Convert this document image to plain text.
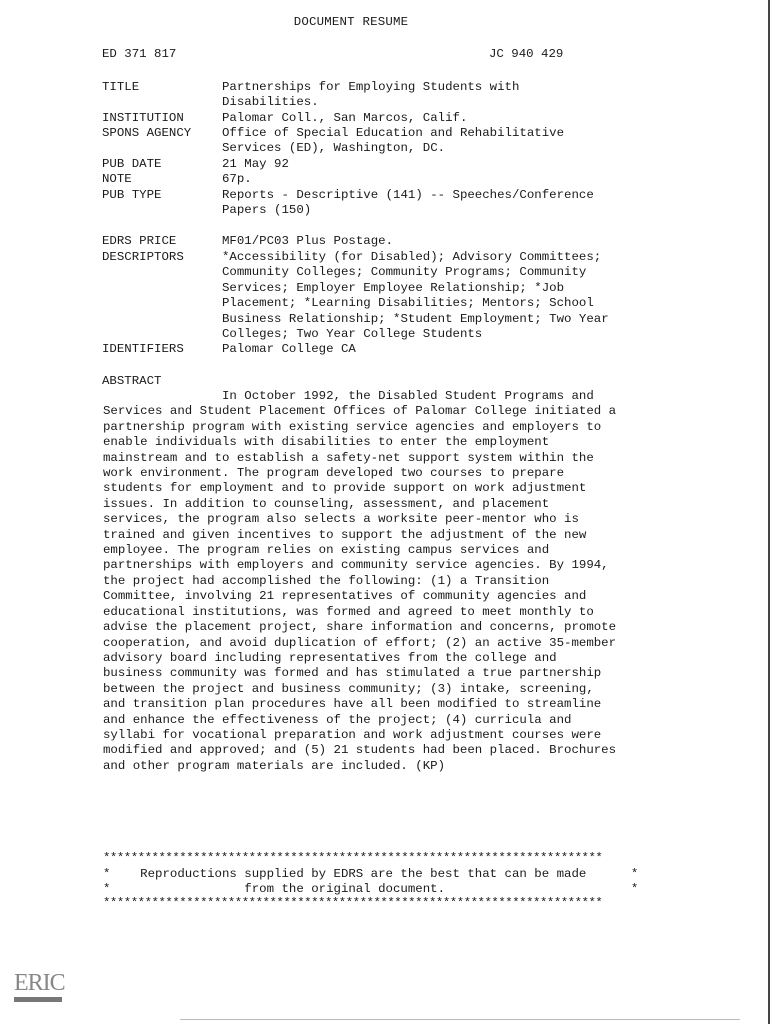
DOCUMENT RESUME
ED 371 817	JC 940 429
TITLE	Partnerships for Employing Students with
Disabilities.
INSTITUTION	Palomar Coll., San Marcos, Calif.
SPONS AGENCY	Office of Special Education and Rehabilitative
Services (ED), Washington, DC.
PUB DATE	21 May 92
NOTE	67p.
PUB TYPE	Reports - Descriptive (141) -- Speeches/Conference
Papers (150)
EDRS PRICE	MF01/PC03 Plus Postage.
DESCRIPTORS	*Accessibility (for Disabled); Advisory Committees;
Community Colleges; Community Programs; Community
Services; Employer Employee Relationship; *Job
Placement; *Learning Disabilities; Mentors; School
Business Relationship; *Student Employment; Two Year
Colleges; Two Year College Students
IDENTIFIERS	Palomar College CA
ABSTRACT
In October 1992, the Disabled Student Programs and
Services and Student Placement Offices of Palomar College initiated a
partnership program with existing service agencies and employers to
enable individuals with disabilities to enter the employment
mainstream and to establish a safety-net support system within the
work environment. The program developed two courses to prepare
students for employment and to provide support on work adjustment
issues. In addition to counseling, assessment, and placement
services, the program also selects a worksite peer-mentor who is
trained and given incentives to support the adjustment of the new
employee. The program relies on existing campus services and
partnerships with employers and community service agencies. By 1994,
the project had accomplished the following: (1) a Transition
Committee, involving 21 representatives of community agencies and
educational institutions, was formed and agreed to meet monthly to
advise the placement project, share information and concerns, promote
cooperation, and avoid duplication of effort; (2) an active 35-member
advisory board including representatives from the college and
business community was formed and has stimulated a true partnership
between the project and business community; (3) intake, screening,
and transition plan procedures have all been modified to streamline
and enhance the effectiveness of the project; (4) curricula and
syllabi for vocational preparation and work adjustment courses were
modified and approved; and (5) 21 students had been placed. Brochures
and other program materials are included. (KP)
************************************************************************
*    Reproductions supplied by EDRS are the best that can be made      *
*                  from the original document.                         *
************************************************************************
ERIC
